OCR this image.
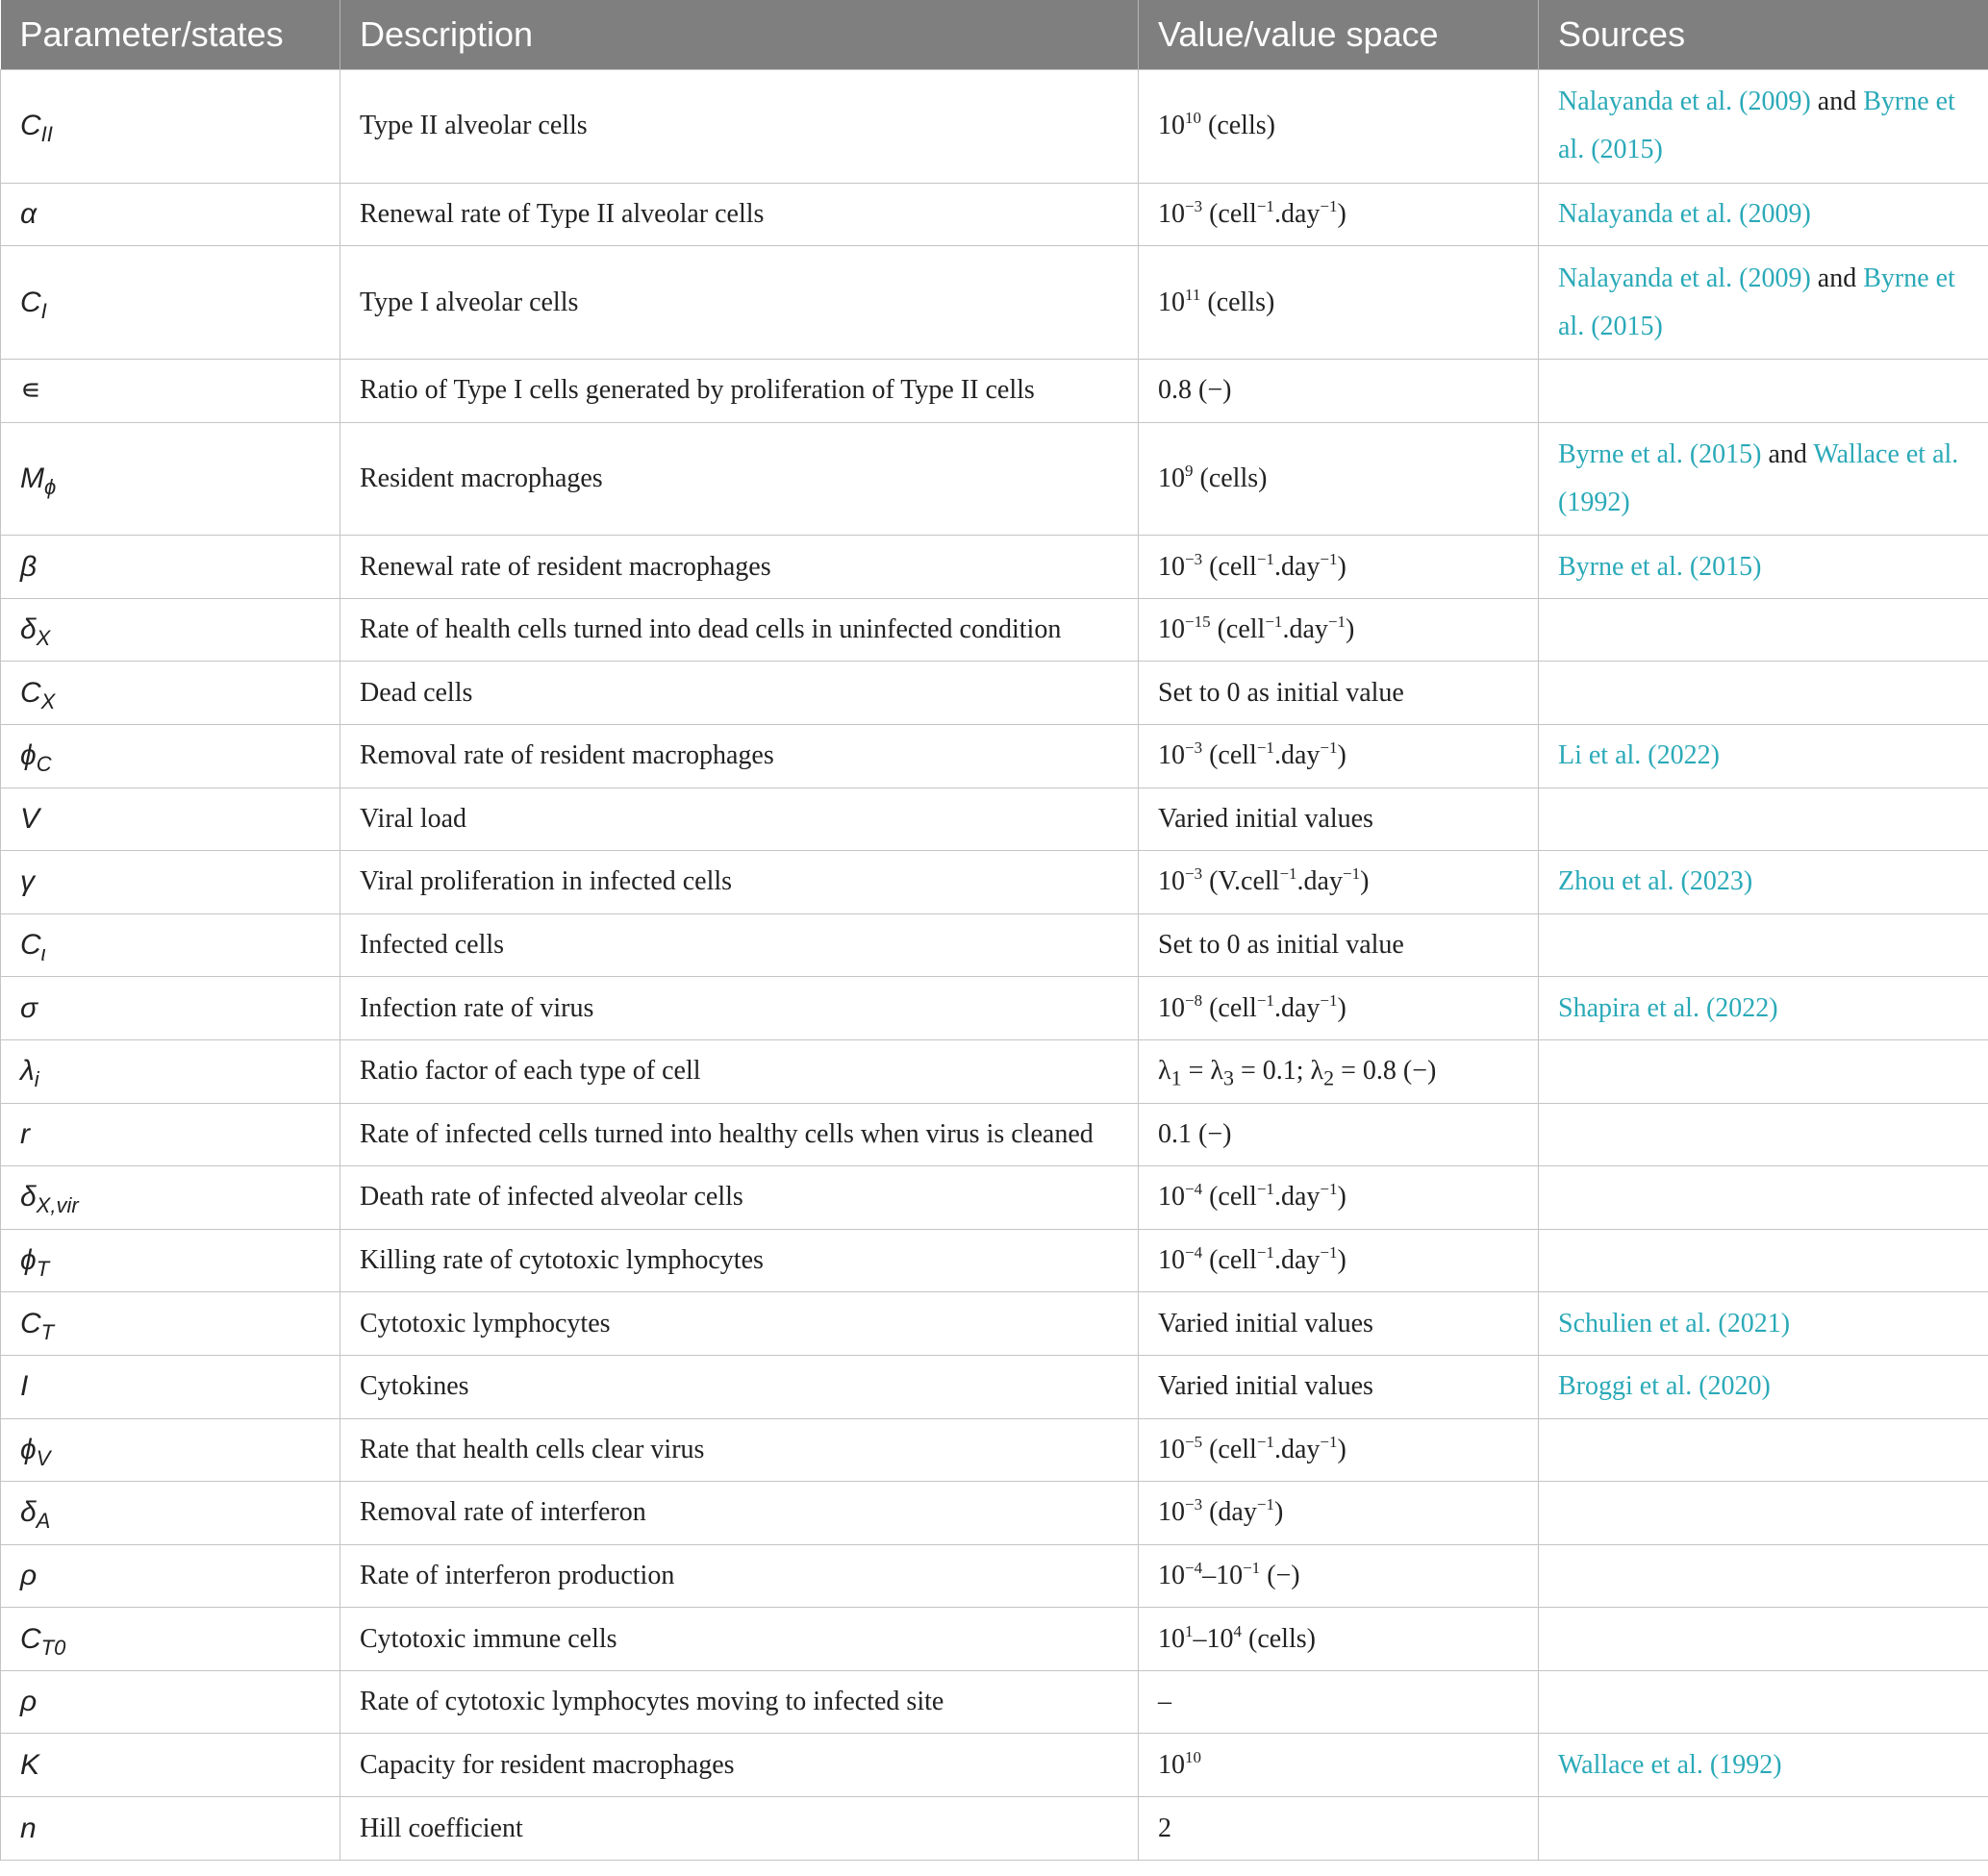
Parameter/states	Description	Value/value space	Sources
$C_{II}$	Type II alveolar cells	$10^{10}$ (cells)	Nalayanda et al. (2009) and Byrne et al. (2015)
α	Renewal rate of Type II alveolar cells	$10^{-3}$ (cell$^{-1}$.day$^{-1}$)	Nalayanda et al. (2009)
$C_I$	Type I alveolar cells	$10^{11}$ (cells)	Nalayanda et al. (2009) and Byrne et al. (2015)
∊	Ratio of Type I cells generated by proliferation of Type II cells	0.8 (−)	
$M_\phi$	Resident macrophages	$10^9$ (cells)	Byrne et al. (2015) and Wallace et al. (1992)
β	Renewal rate of resident macrophages	$10^{-3}$ (cell$^{-1}$.day$^{-1}$)	Byrne et al. (2015)
$\delta_X$	Rate of health cells turned into dead cells in uninfected condition	$10^{-15}$ (cell$^{-1}$.day$^{-1}$)	
$C_X$	Dead cells	Set to 0 as initial value	
$\phi_C$	Removal rate of resident macrophages	$10^{-3}$ (cell$^{-1}$.day$^{-1}$)	Li et al. (2022)
V	Viral load	Varied initial values	
γ	Viral proliferation in infected cells	$10^{-3}$ (V.cell$^{-1}$.day$^{-1}$)	Zhou et al. (2023)
$C_\iota$	Infected cells	Set to 0 as initial value	
σ	Infection rate of virus	$10^{-8}$ (cell$^{-1}$.day$^{-1}$)	Shapira et al. (2022)
$\lambda_i$	Ratio factor of each type of cell	$\lambda_1 = \lambda_3 = 0.1$; $\lambda_2 = 0.8$ (−)	
r	Rate of infected cells turned into healthy cells when virus is cleaned	0.1 (−)	
$\delta_{X,vir}$	Death rate of infected alveolar cells	$10^{-4}$ (cell$^{-1}$.day$^{-1}$)	
$\phi_T$	Killing rate of cytotoxic lymphocytes	$10^{-4}$ (cell$^{-1}$.day$^{-1}$)	
$C_T$	Cytotoxic lymphocytes	Varied initial values	Schulien et al. (2021)
I	Cytokines	Varied initial values	Broggi et al. (2020)
$\phi_V$	Rate that health cells clear virus	$10^{-5}$ (cell$^{-1}$.day$^{-1}$)	
$\delta_A$	Removal rate of interferon	$10^{-3}$ (day$^{-1}$)	
ρ	Rate of interferon production	$10^{-4}-10^{-1}$ (−)	
$C_{T0}$	Cytotoxic immune cells	$10^1-10^4$ (cells)	
ρ	Rate of cytotoxic lymphocytes moving to infected site	–	
K	Capacity for resident macrophages	$10^{10}$	Wallace et al. (1992)
n	Hill coefficient	2	
